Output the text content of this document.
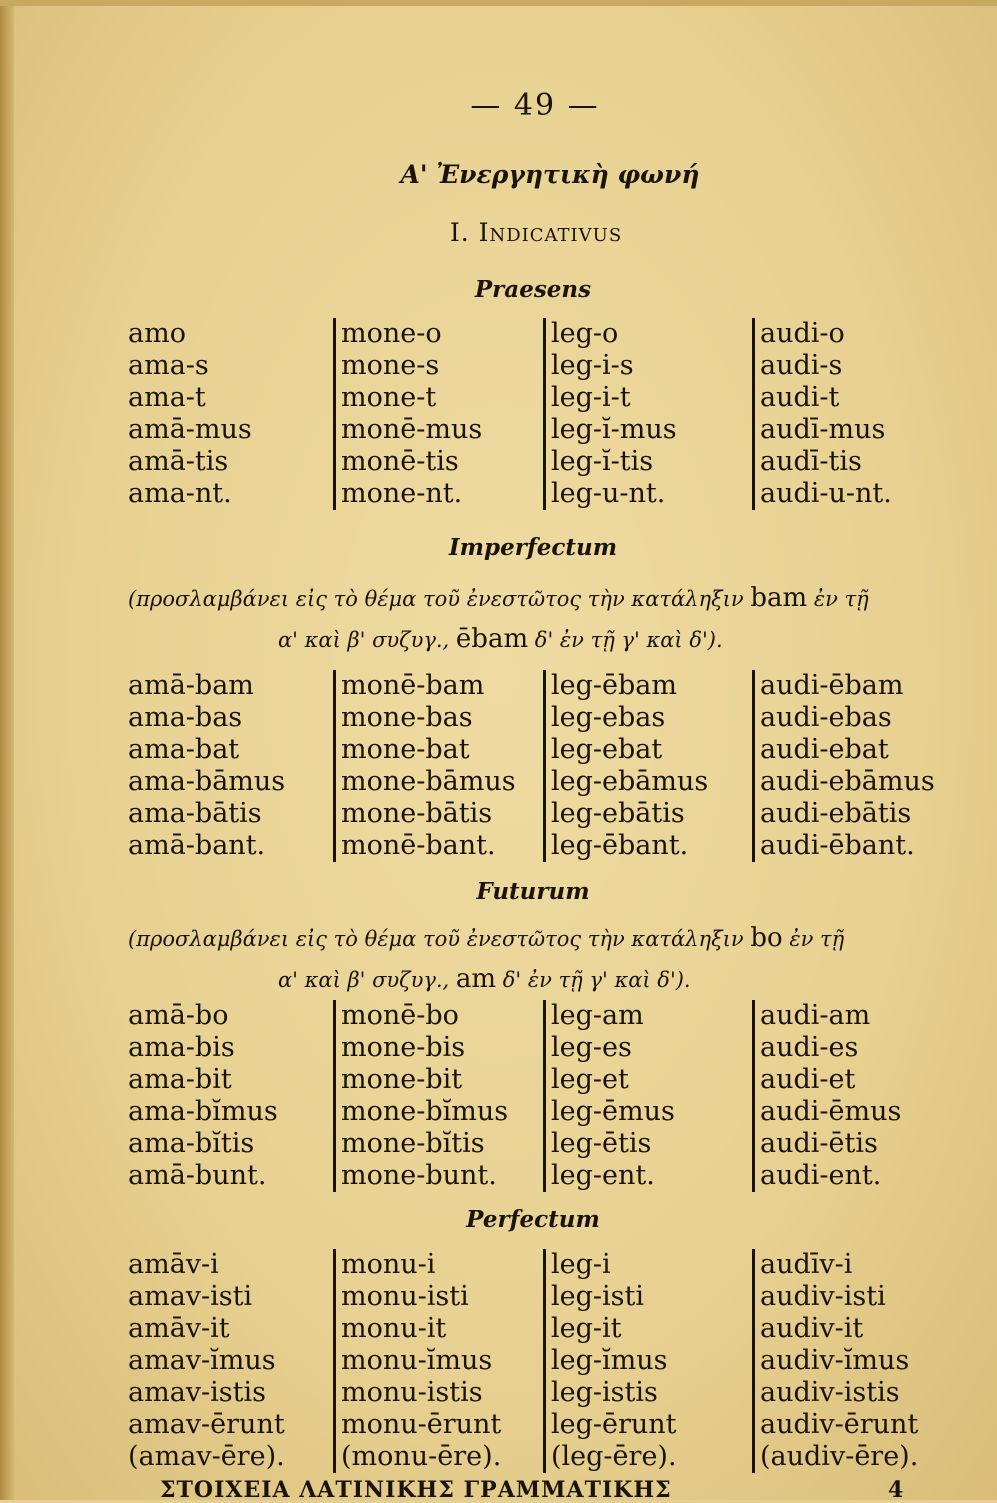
— 49 —
Α' Ἐνεργητικὴ φωνή
I. Indicativus
Praesens
amo
ama-s
ama-t
amā-mus
amā-tis
ama-nt.
mone-o
mone-s
mone-t
monē-mus
monē-tis
mone-nt.
leg-o
leg-i-s
leg-i-t
leg-ĭ-mus
leg-ĭ-tis
leg-u-nt.
audi-o
audi-s
audi-t
audī-mus
audī-tis
audi-u-nt.
Imperfectum
(προσλαμβάνει εἰς τὸ θέμα τοῦ ἐνεστῶτος τὴν κατάληξιν bam ἐν τῇ
α' καὶ β' συζυγ., ēbam δ' ἐν τῇ γ' καὶ δ').
amā-bam
ama-bas
ama-bat
ama-bāmus
ama-bātis
amā-bant.
monē-bam
mone-bas
mone-bat
mone-bāmus
mone-bātis
monē-bant.
leg-ēbam
leg-ebas
leg-ebat
leg-ebāmus
leg-ebātis
leg-ēbant.
audi-ēbam
audi-ebas
audi-ebat
audi-ebāmus
audi-ebātis
audi-ēbant.
Futurum
(προσλαμβάνει εἰς τὸ θέμα τοῦ ἐνεστῶτος τὴν κατάληξιν bo ἐν τῇ
α' καὶ β' συζυγ., am δ' ἐν τῇ γ' καὶ δ').
amā-bo
ama-bis
ama-bit
ama-bĭmus
ama-bĭtis
amā-bunt.
monē-bo
mone-bis
mone-bit
mone-bĭmus
mone-bĭtis
mone-bunt.
leg-am
leg-es
leg-et
leg-ēmus
leg-ētis
leg-ent.
audi-am
audi-es
audi-et
audi-ēmus
audi-ētis
audi-ent.
Perfectum
amāv-i
amav-isti
amāv-it
amav-ĭmus
amav-istis
amav-ērunt
(amav-ēre).
monu-i
monu-isti
monu-it
monu-ĭmus
monu-istis
monu-ērunt
(monu-ēre).
leg-i
leg-isti
leg-it
leg-ĭmus
leg-istis
leg-ērunt
(leg-ēre).
audīv-i
audiv-isti
audiv-it
audiv-ĭmus
audiv-istis
audiv-ērunt
(audiv-ēre).
ΣΤΟΙΧΕΙΑ ΛΑΤΙΝΙΚΗΣ ΓΡΑΜΜΑΤΙΚΗΣ	4
